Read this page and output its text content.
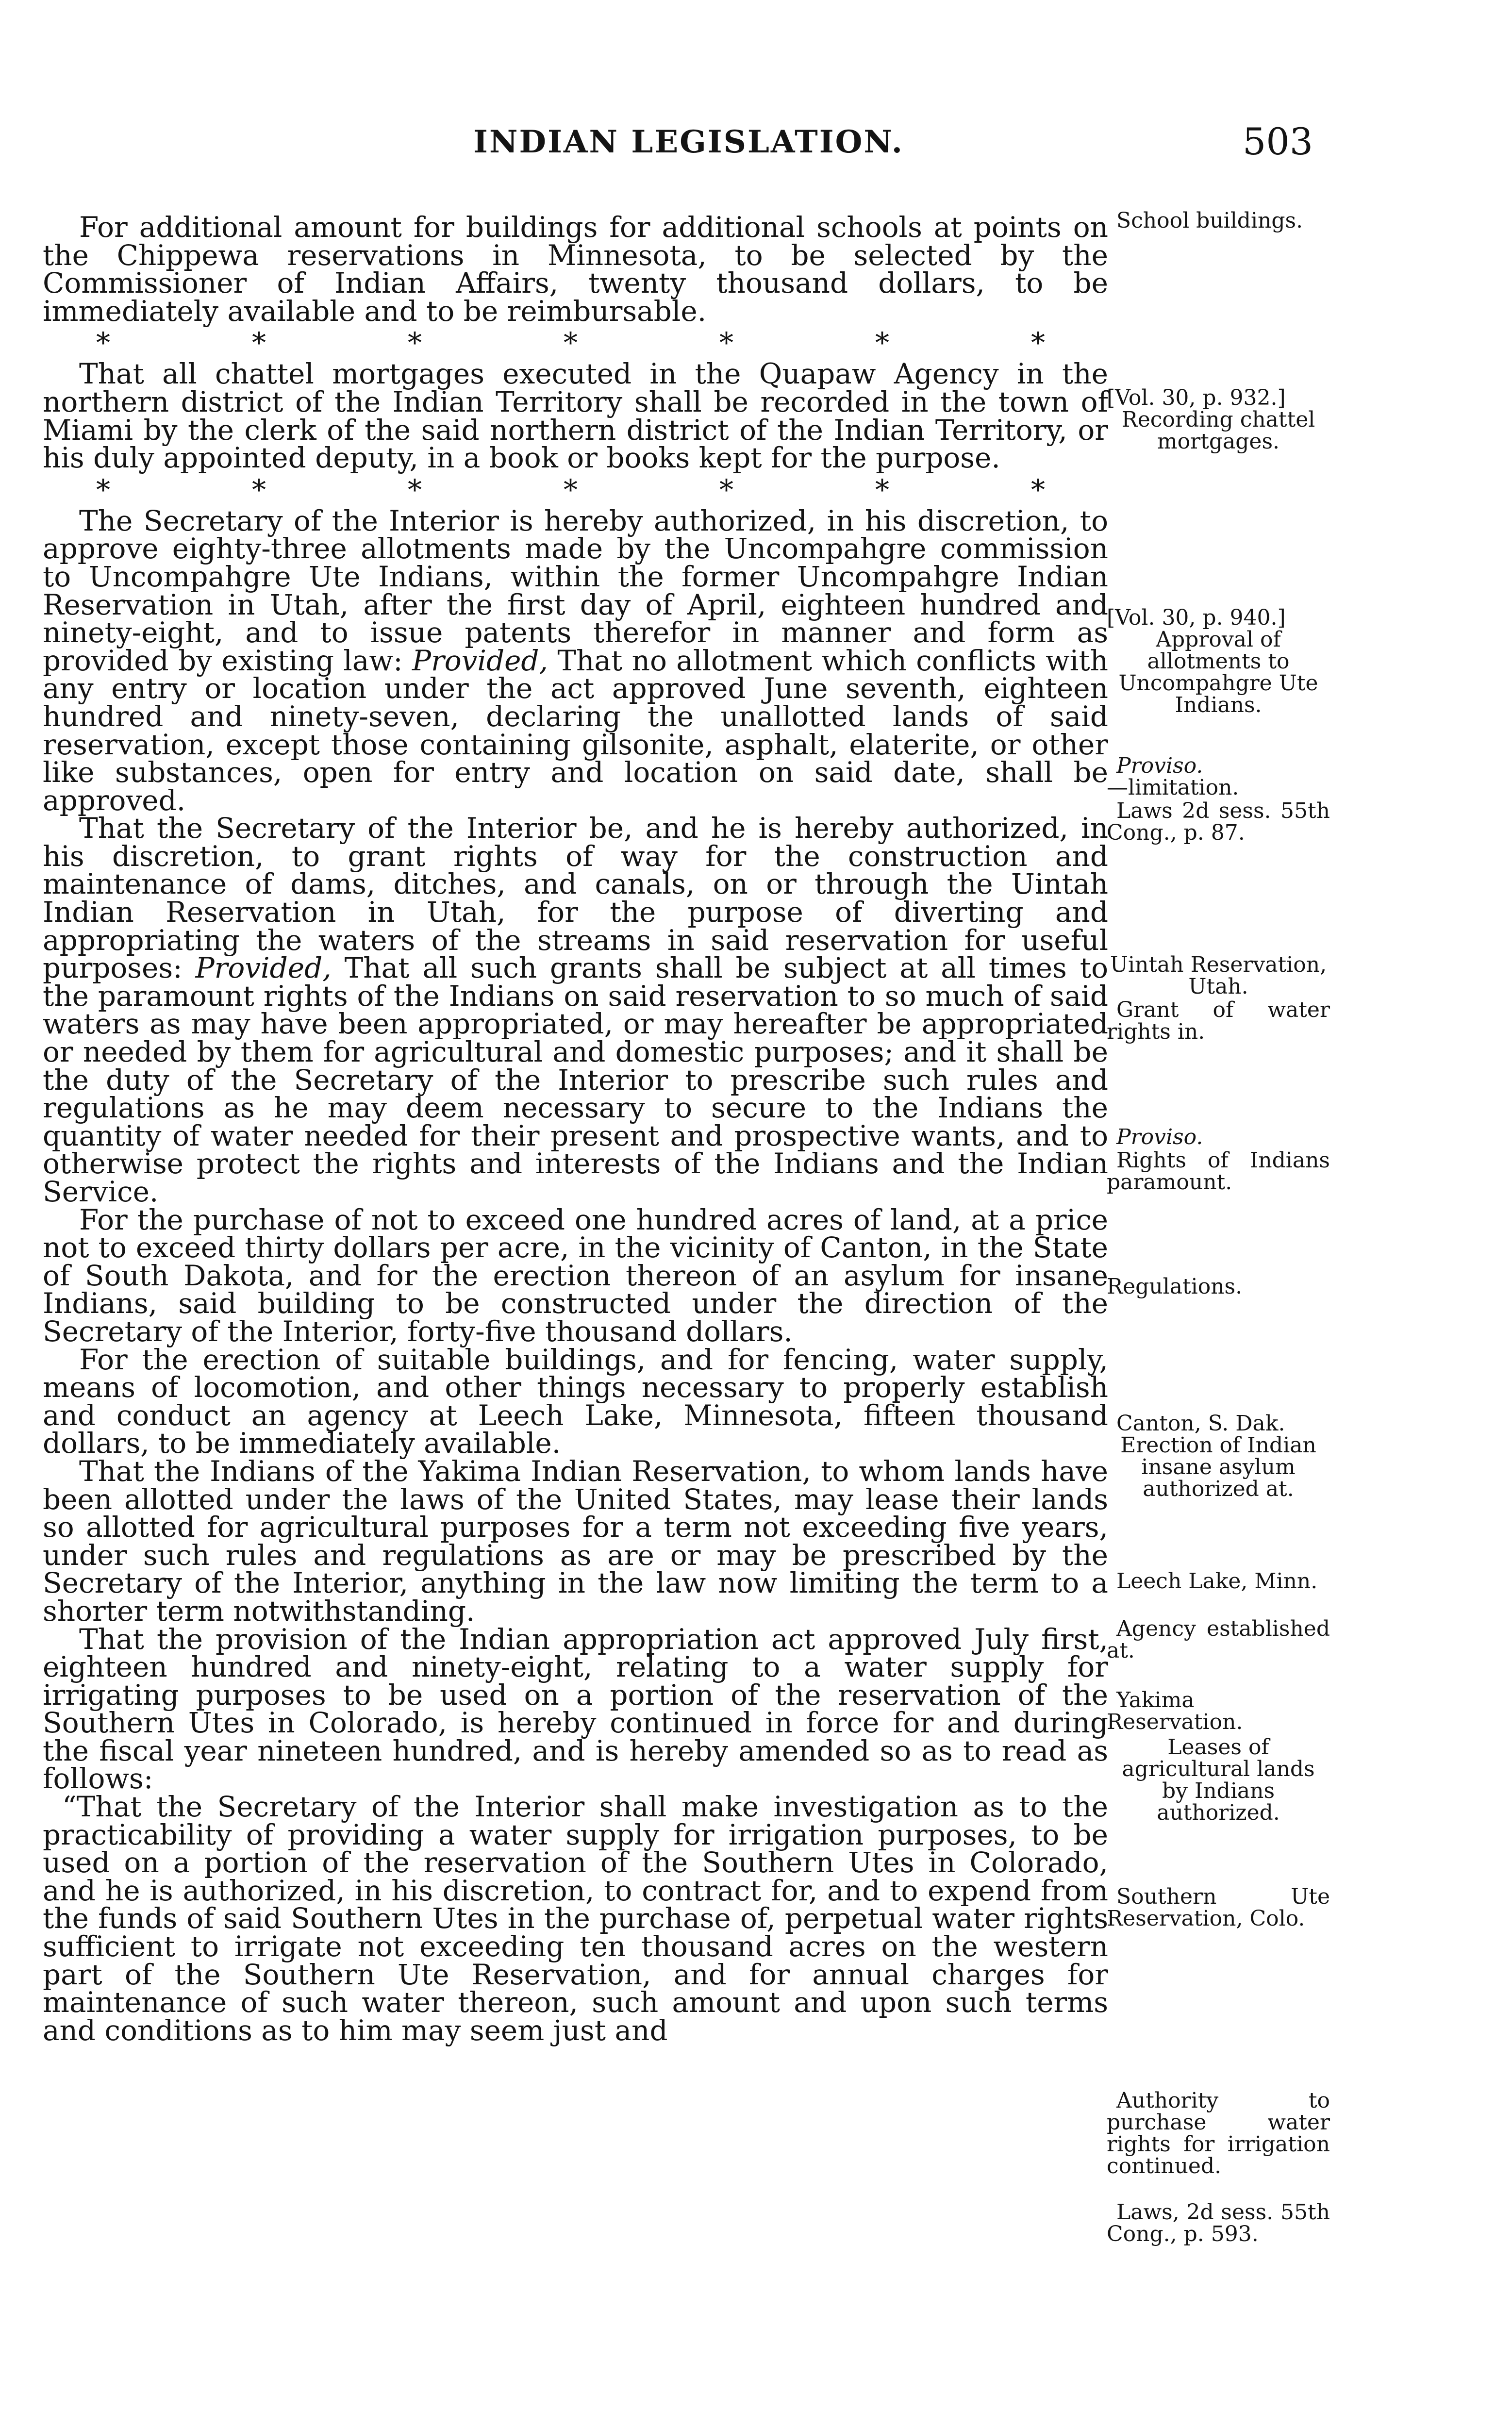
INDIAN LEGISLATION.	503

For additional amount for buildings for additional schools at points on the Chippewa reservations in Minnesota, to be selected by the Commissioner of Indian Affairs, twenty thousand dollars, to be immediately available and to be reimbursable.

*	*	*	*	*	*	*

That all chattel mortgages executed in the Quapaw Agency in the northern district of the Indian Territory shall be recorded in the town of Miami by the clerk of the said northern district of the Indian Territory, or his duly appointed deputy, in a book or books kept for the purpose.

*	*	*	*	*	*	*

The Secretary of the Interior is hereby authorized, in his discretion, to approve eighty-three allotments made by the Uncompahgre commission to Uncompahgre Ute Indians, within the former Uncompahgre Indian Reservation in Utah, after the first day of April, eighteen hundred and ninety-eight, and to issue patents therefor in manner and form as provided by existing law: Provided, That no allotment which conflicts with any entry or location under the act approved June seventh, eighteen hundred and ninety-seven, declaring the unallotted lands of said reservation, except those containing gilsonite, asphalt, elaterite, or other like substances, open for entry and location on said date, shall be approved.

That the Secretary of the Interior be, and he is hereby authorized, in his discretion, to grant rights of way for the construction and maintenance of dams, ditches, and canals, on or through the Uintah Indian Reservation in Utah, for the purpose of diverting and appropriating the waters of the streams in said reservation for useful purposes: Provided, That all such grants shall be subject at all times to the paramount rights of the Indians on said reservation to so much of said waters as may have been appropriated, or may hereafter be appropriated or needed by them for agricultural and domestic purposes; and it shall be the duty of the Secretary of the Interior to prescribe such rules and regulations as he may deem necessary to secure to the Indians the quantity of water needed for their present and prospective wants, and to otherwise protect the rights and interests of the Indians and the Indian Service.

For the purchase of not to exceed one hundred acres of land, at a price not to exceed thirty dollars per acre, in the vicinity of Canton, in the State of South Dakota, and for the erection thereon of an asylum for insane Indians, said building to be constructed under the direction of the Secretary of the Interior, forty-five thousand dollars.

For the erection of suitable buildings, and for fencing, water supply, means of locomotion, and other things necessary to properly establish and conduct an agency at Leech Lake, Minnesota, fifteen thousand dollars, to be immediately available.

That the Indians of the Yakima Indian Reservation, to whom lands have been allotted under the laws of the United States, may lease their lands so allotted for agricultural purposes for a term not exceeding five years, under such rules and regulations as are or may be prescribed by the Secretary of the Interior, anything in the law now limiting the term to a shorter term notwithstanding.

That the provision of the Indian appropriation act approved July first, eighteen hundred and ninety-eight, relating to a water supply for irrigating purposes to be used on a portion of the reservation of the Southern Utes in Colorado, is hereby continued in force for and during the fiscal year nineteen hundred, and is hereby amended so as to read as follows:

“That the Secretary of the Interior shall make investigation as to the practicability of providing a water supply for irrigation purposes, to be used on a portion of the reservation of the Southern Utes in Colorado, and he is authorized, in his discretion, to contract for, and to expend from the funds of said Southern Utes in the purchase of, perpetual water rights sufficient to irrigate not exceeding ten thousand acres on the western part of the Southern Ute Reservation, and for annual charges for maintenance of such water thereon, such amount and upon such terms and conditions as to him may seem just and

School buildings.
[Vol. 30, p. 932.]
Recording chattel mortgages.
[Vol. 30, p. 940.]
Approval of allotments to Uncompahgre Ute Indians.
Proviso.
—limitation.
Laws 2d sess. 55th Cong., p. 87.
Uintah Reservation, Utah.
Grant of water rights in.
Proviso.
Rights of Indians paramount.
Regulations.
Canton, S. Dak.
Erection of Indian insane asylum authorized at.
Leech Lake, Minn.
Agency established at.
Yakima Reservation.
Leases of agricultural lands by Indians authorized.
Southern Ute Reservation, Colo.
Authority to purchase water rights for irrigation continued.
Laws, 2d sess. 55th Cong., p. 593.
